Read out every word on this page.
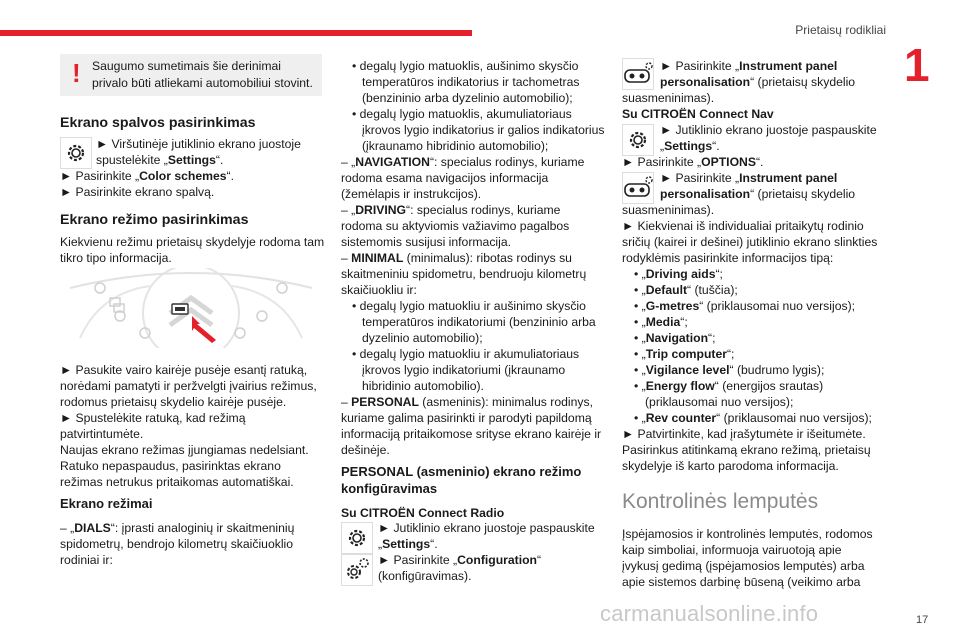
Prietaisų rodikliai
1
17
carmanualsonline.info
! Saugumo sumetimais šie derinimai
privalo būti atliekami automobiliui stovint.
Ekrano spalvos pasirinkimas
► Viršutinėje jutiklinio ekrano juostoje
spustelėkite „Settings“.
► Pasirinkite „Color schemes“.
► Pasirinkite ekrano spalvą.
Ekrano režimo pasirinkimas
Kiekvienu režimu prietaisų skydelyje rodoma tam
tikro tipo informacija.
► Pasukite vairo kairėje pusėje esantį ratuką,
norėdami pamatyti ir peržvelgti įvairius režimus,
rodomus prietaisų skydelio kairėje pusėje.
► Spustelėkite ratuką, kad režimą
patvirtintumėte.
Naujas ekrano režimas įjungiamas nedelsiant.
Ratuko nepaspaudus, pasirinktas ekrano
režimas netrukus pritaikomas automatiškai.
Ekrano režimai
– „DIALS“: įprasti analoginių ir skaitmeninių
spidometrų, bendrojo kilometrų skaičiuoklio
rodiniai ir:
• degalų lygio matuoklis, aušinimo skysčio
temperatūros indikatorius ir tachometras
(benzininio arba dyzelinio automobilio);
• degalų lygio matuoklis, akumuliatoriaus
įkrovos lygio indikatorius ir galios indikatorius
(įkraunamo hibridinio automobilio);
– „NAVIGATION“: specialus rodinys, kuriame
rodoma esama navigacijos informacija
(žemėlapis ir instrukcijos).
– „DRIVING“: specialus rodinys, kuriame
rodoma su aktyviomis važiavimo pagalbos
sistemomis susijusi informacija.
– MINIMAL (minimalus): ribotas rodinys su
skaitmeniniu spidometru, bendruoju kilometrų
skaičiuokliu ir:
• degalų lygio matuokliu ir aušinimo skysčio
temperatūros indikatoriumi (benzininio arba
dyzelinio automobilio);
• degalų lygio matuokliu ir akumuliatoriaus
įkrovos lygio indikatoriumi (įkraunamo
hibridinio automobilio).
– PERSONAL (asmeninis): minimalus rodinys,
kuriame galima pasirinkti ir parodyti papildomą
informaciją pritaikomose srityse ekrano kairėje ir
dešinėje.
PERSONAL (asmeninio) ekrano režimo
konfigūravimas
Su CITROËN Connect Radio
► Jutiklinio ekrano juostoje paspauskite
„Settings“.
► Pasirinkite „Configuration“
(konfigūravimas).
► Pasirinkite „Instrument panel
personalisation“ (prietaisų skydelio
suasmeninimas).
Su CITROËN Connect Nav
► Jutiklinio ekrano juostoje paspauskite
„Settings“.
► Pasirinkite „OPTIONS“.
► Pasirinkite „Instrument panel
personalisation“ (prietaisų skydelio
suasmeninimas).
► Kiekvienai iš individualiai pritaikytų rodinio
sričių (kairei ir dešinei) jutiklinio ekrano slinkties
rodyklėmis pasirinkite informacijos tipą:
• „Driving aids“;
• „Default“ (tuščia);
• „G-metres“ (priklausomai nuo versijos);
• „Media“;
• „Navigation“;
• „Trip computer“;
• „Vigilance level“ (budrumo lygis);
• „Energy flow“ (energijos srautas)
(priklausomai nuo versijos);
• „Rev counter“ (priklausomai nuo versijos);
► Patvirtinkite, kad įrašytumėte ir išeitumėte.
Pasirinkus atitinkamą ekrano režimą, prietaisų
skydelyje iš karto parodoma informacija.
Kontrolinės lemputės
Įspėjamosios ir kontrolinės lemputės, rodomos
kaip simboliai, informuoja vairuotoją apie
įvykusį gedimą (įspėjamosios lemputės) arba
apie sistemos darbinę būseną (veikimo arba
